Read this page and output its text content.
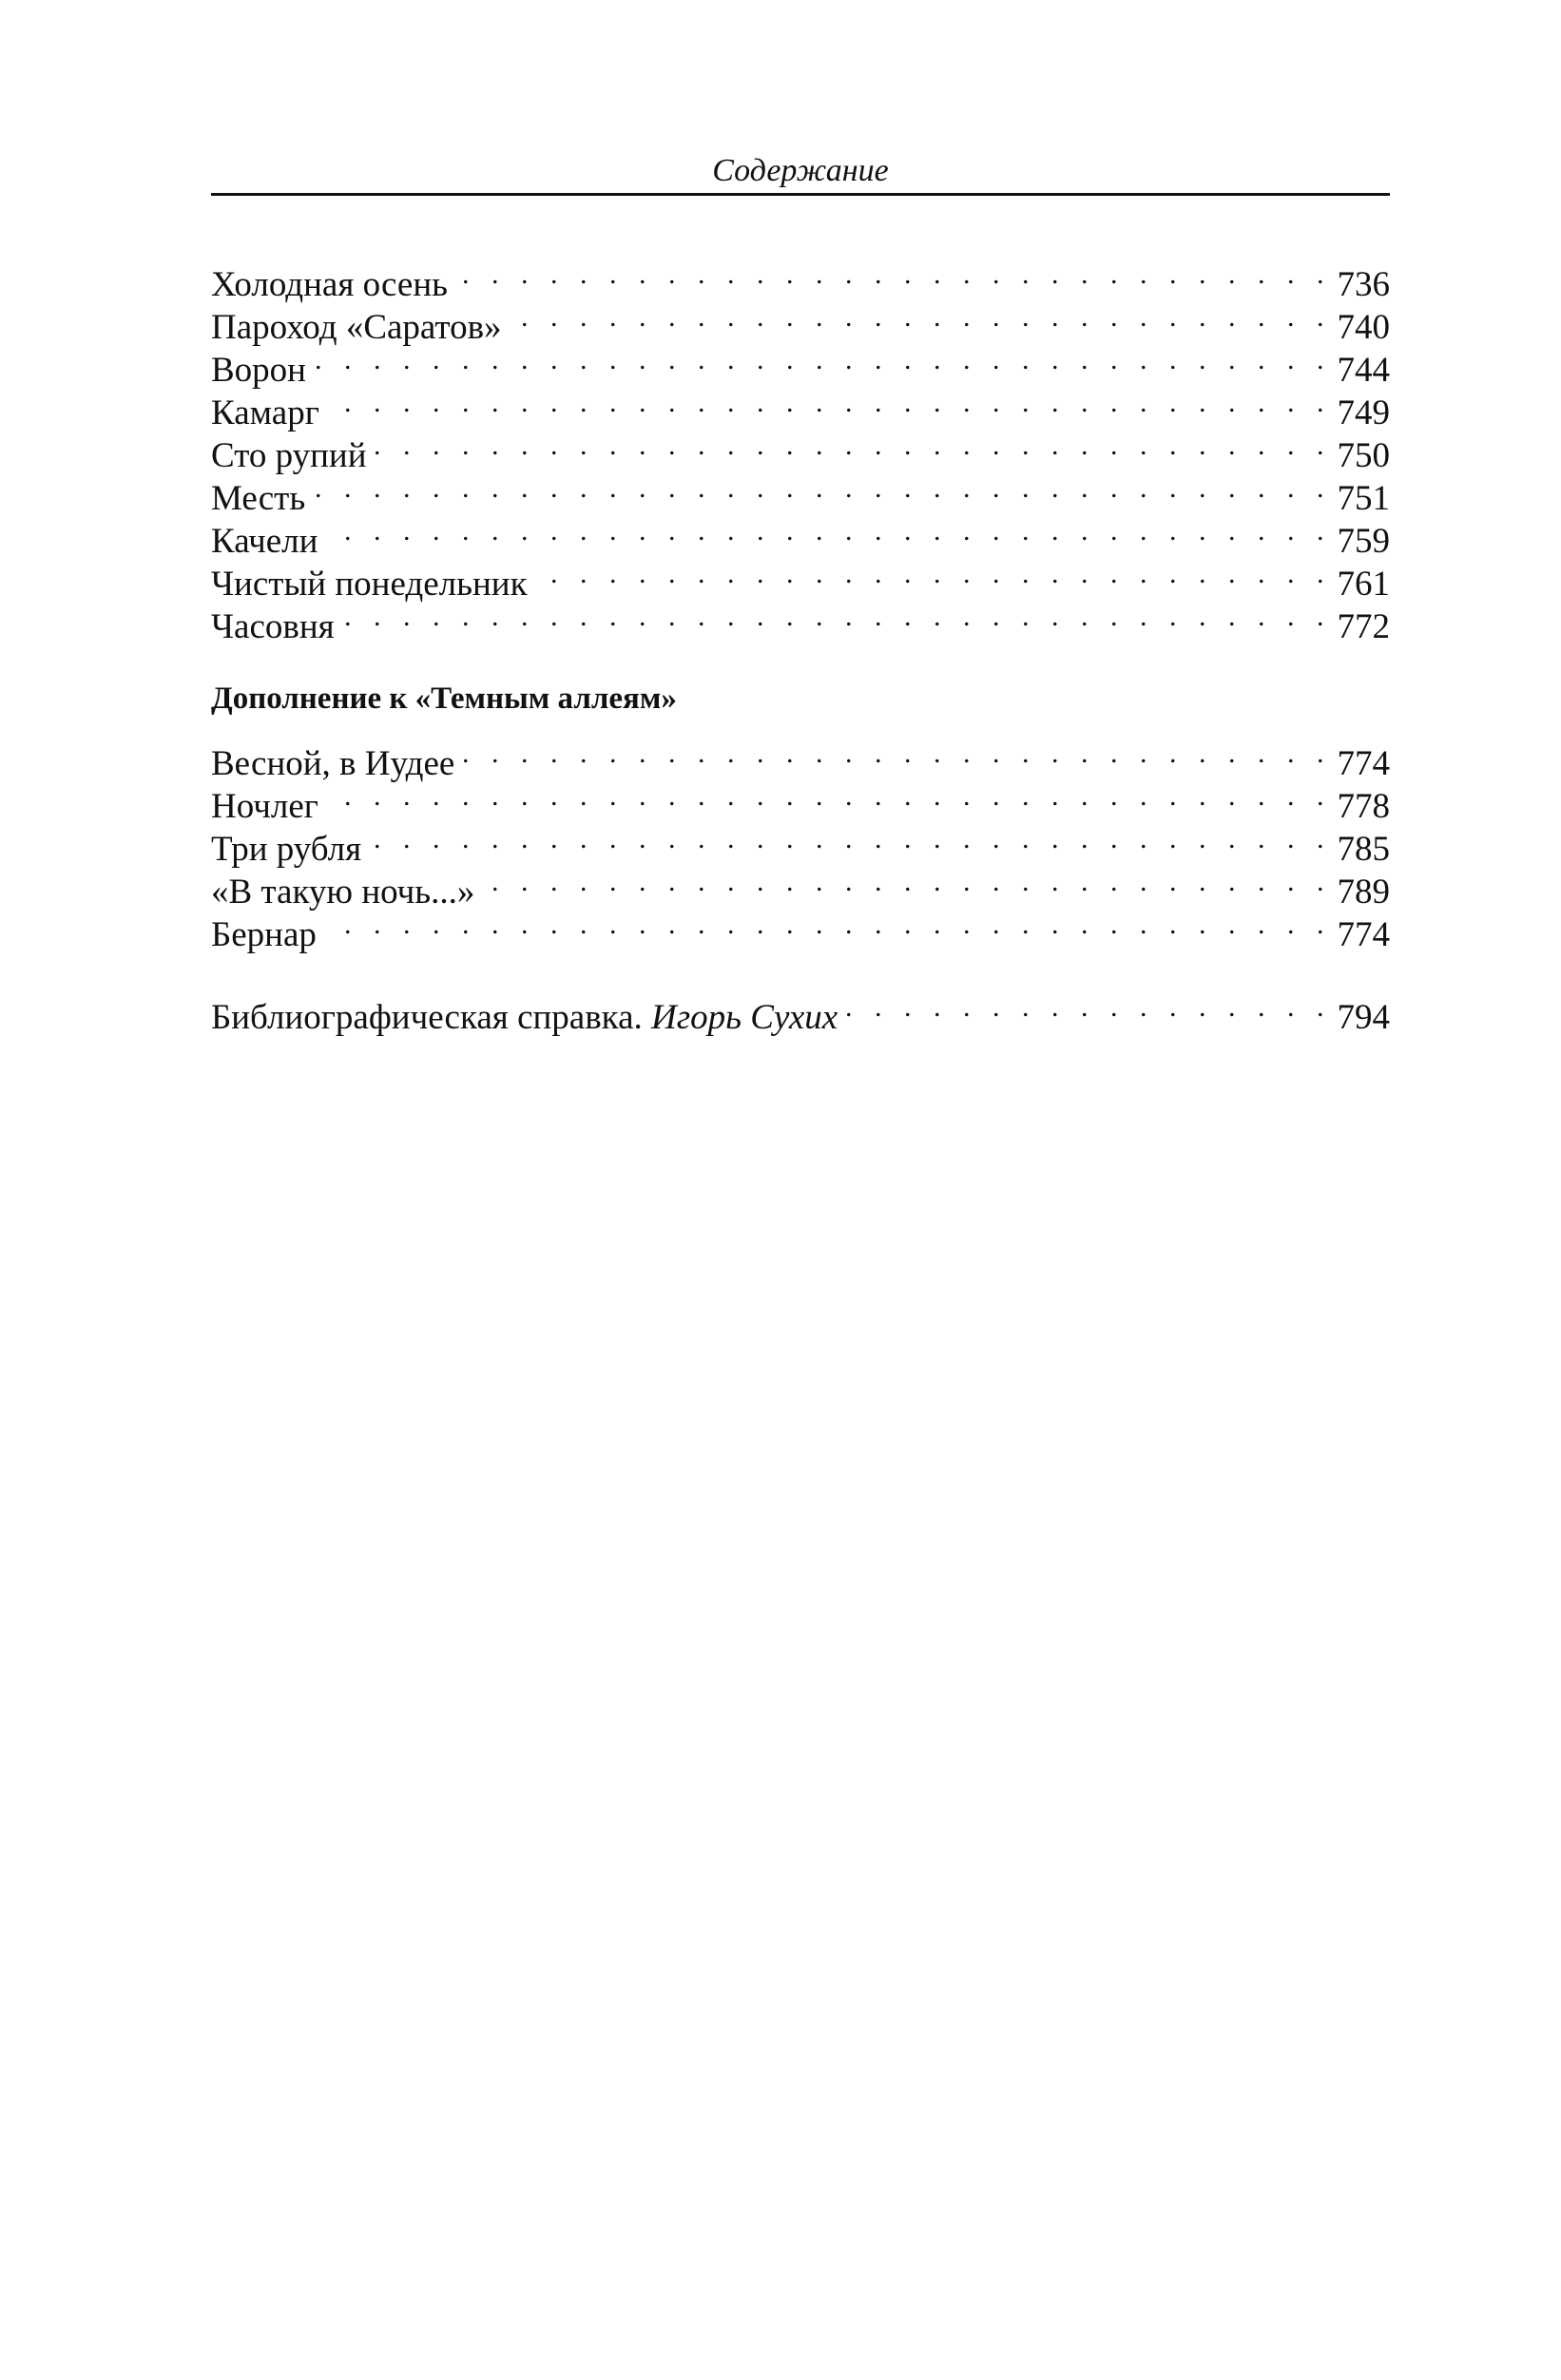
Содержание
Холодная осень . . .	736
Пароход «Саратов» . . .	740
Ворон . . .	744
Камарг . . .	749
Сто рупий . . .	750
Месть . . .	751
Качели . . .	759
Чистый понедельник . . .	761
Часовня . . .	772
Дополнение к «Темным аллеям»
Весной, в Иудее . . .	774
Ночлег . . .	778
Три рубля . . .	785
«В такую ночь...» . . .	789
Бернар . . .	774
Библиографическая справка. Игорь Сухих . . .	794
